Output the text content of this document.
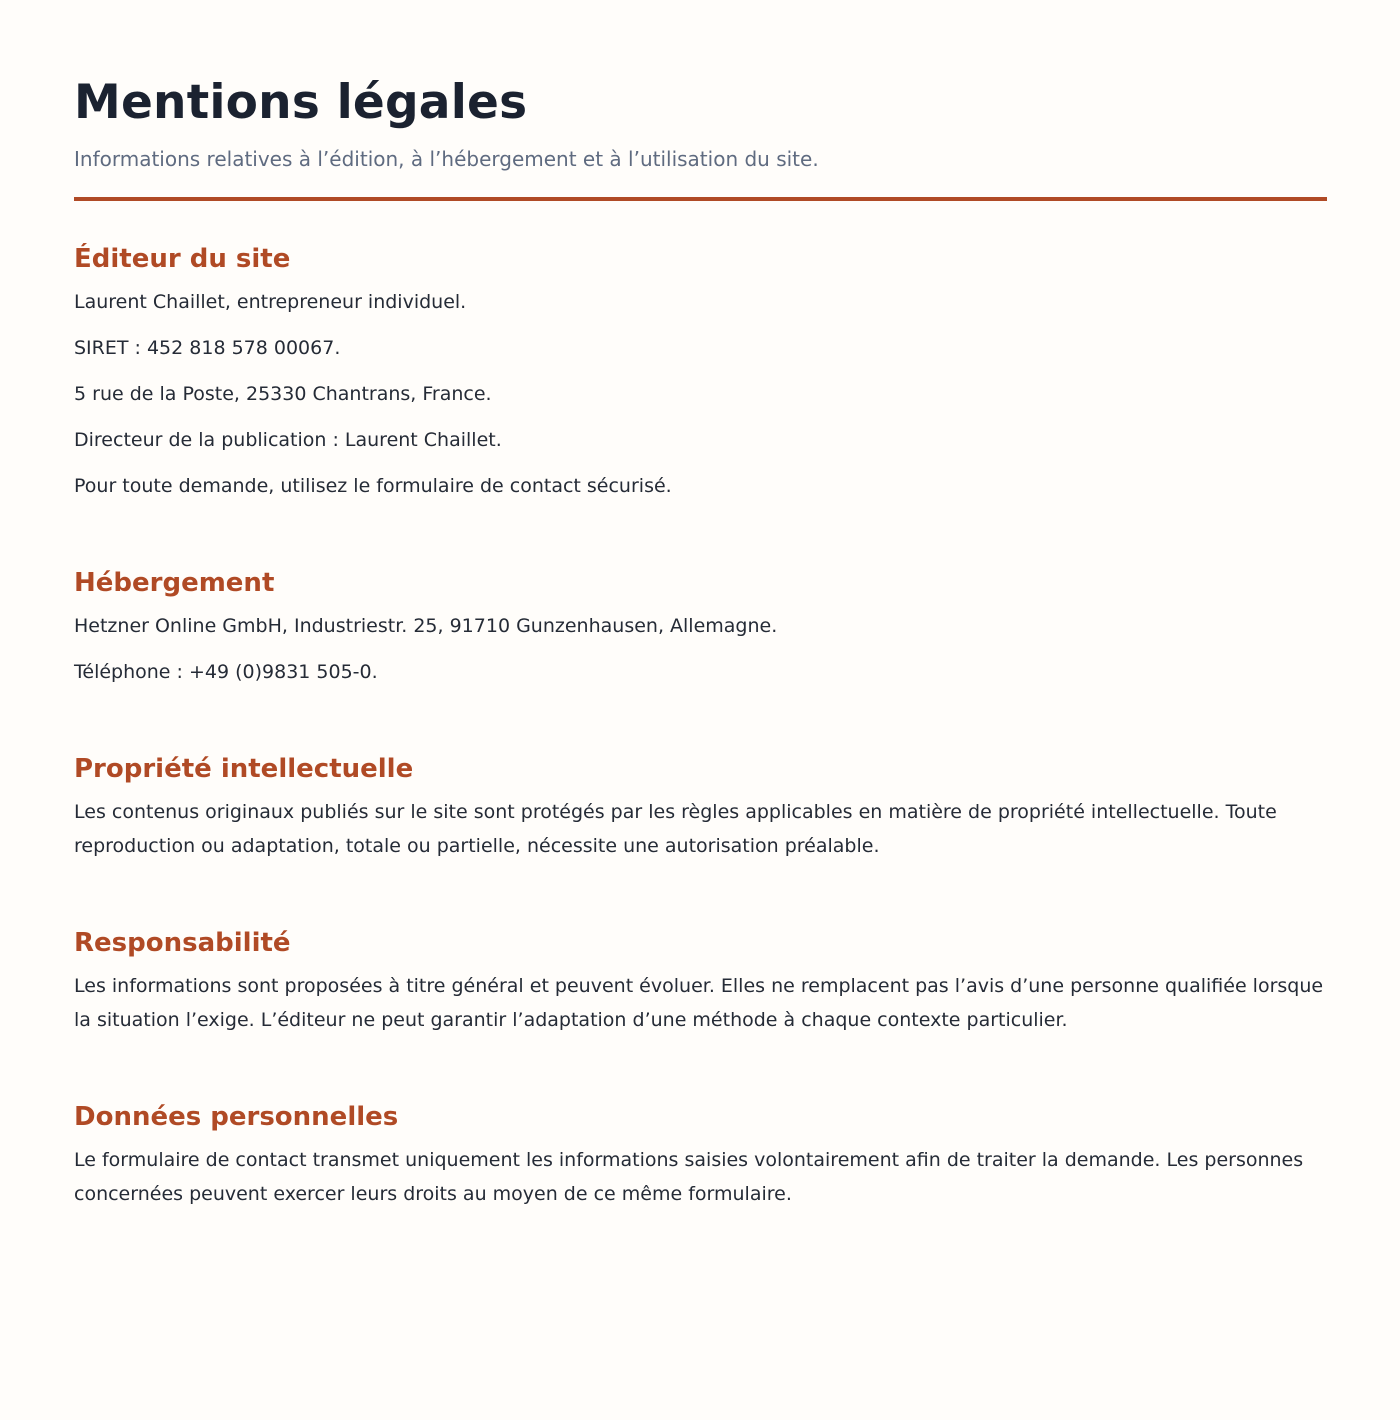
Mentions légales

Informations relatives à l’édition, à l’hébergement et à l’utilisation du site.

Éditeur du site

Laurent Chaillet, entrepreneur individuel.

SIRET : 452 818 578 00067.

5 rue de la Poste, 25330 Chantrans, France.

Directeur de la publication : Laurent Chaillet.

Pour toute demande, utilisez le formulaire de contact sécurisé.

Hébergement

Hetzner Online GmbH, Industriestr. 25, 91710 Gunzenhausen, Allemagne.

Téléphone : +49 (0)9831 505-0.

Propriété intellectuelle

Les contenus originaux publiés sur le site sont protégés par les règles applicables en matière de propriété intellectuelle. Toute reproduction ou adaptation, totale ou partielle, nécessite une autorisation préalable.

Responsabilité

Les informations sont proposées à titre général et peuvent évoluer. Elles ne remplacent pas l’avis d’une personne qualifiée lorsque la situation l’exige. L’éditeur ne peut garantir l’adaptation d’une méthode à chaque contexte particulier.

Données personnelles

Le formulaire de contact transmet uniquement les informations saisies volontairement afin de traiter la demande. Les personnes concernées peuvent exercer leurs droits au moyen de ce même formulaire.
